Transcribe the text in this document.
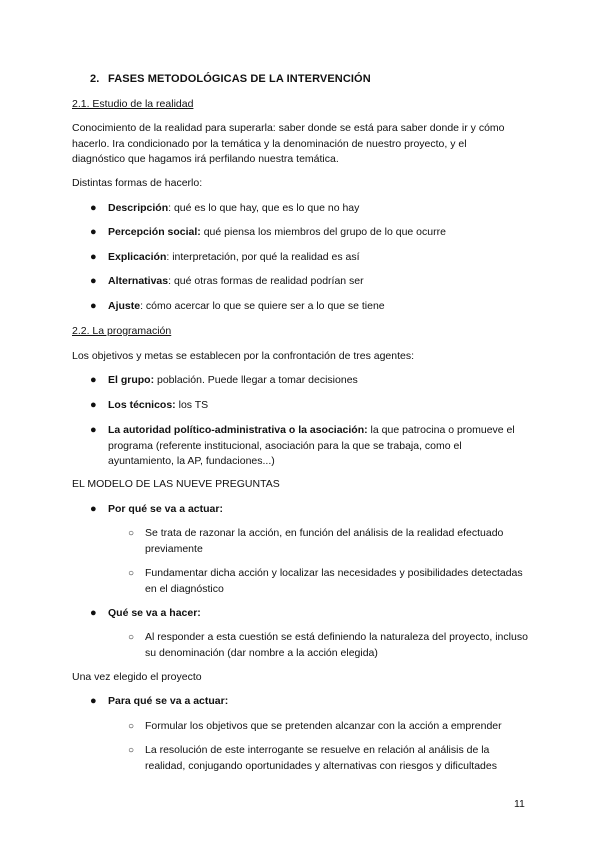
2. FASES METODOLÓGICAS DE LA INTERVENCIÓN
2.1. Estudio de la realidad
Conocimiento de la realidad para superarla: saber donde se está para saber donde ir y cómo hacerlo. Ira condicionado por la temática y la denominación de nuestro proyecto, y el diagnóstico que hagamos irá perfilando nuestra temática.
Distintas formas de hacerlo:
● Descripción: qué es lo que hay, que es lo que no hay
● Percepción social: qué piensa los miembros del grupo de lo que ocurre
● Explicación: interpretación, por qué la realidad es así
● Alternativas: qué otras formas de realidad podrían ser
● Ajuste: cómo acercar lo que se quiere ser a lo que se tiene
2.2. La programación
Los objetivos y metas se establecen por la confrontación de tres agentes:
● El grupo: población. Puede llegar a tomar decisiones
● Los técnicos: los TS
● La autoridad político-administrativa o la asociación: la que patrocina o promueve el programa (referente institucional, asociación para la que se trabaja, como el ayuntamiento, la AP, fundaciones...)
EL MODELO DE LAS NUEVE PREGUNTAS
● Por qué se va a actuar:
○ Se trata de razonar la acción, en función del análisis de la realidad efectuado previamente
○ Fundamentar dicha acción y localizar las necesidades y posibilidades detectadas en el diagnóstico
● Qué se va a hacer:
○ Al responder a esta cuestión se está definiendo la naturaleza del proyecto, incluso su denominación (dar nombre a la acción elegida)
Una vez elegido el proyecto
● Para qué se va a actuar:
○ Formular los objetivos que se pretenden alcanzar con la acción a emprender
○ La resolución de este interrogante se resuelve en relación al análisis de la realidad, conjugando oportunidades y alternativas con riesgos y dificultades
11
